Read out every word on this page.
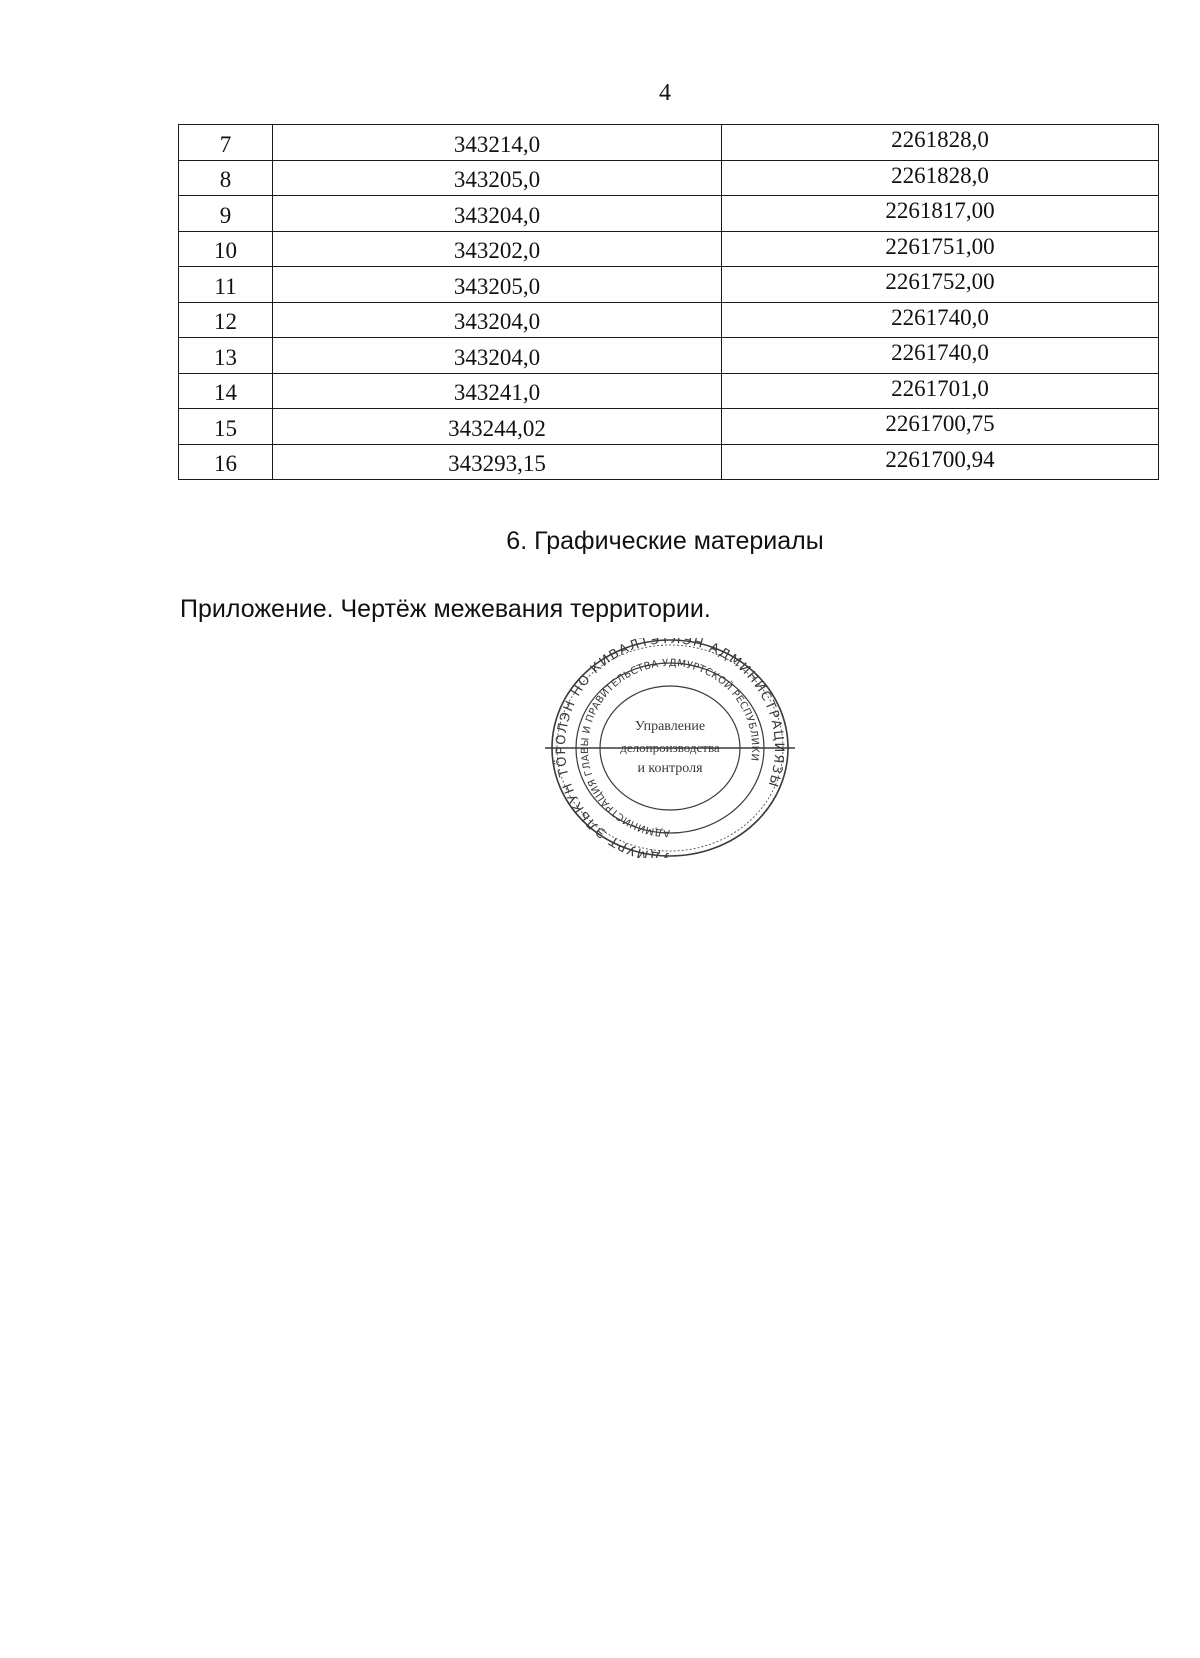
4
7	343214,0	2261828,0
8	343205,0	2261828,0
9	343204,0	2261817,00
10	343202,0	2261751,00
11	343205,0	2261752,00
12	343204,0	2261740,0
13	343204,0	2261740,0
14	343241,0	2261701,0
15	343244,02	2261700,75
16	343293,15	2261700,94
6. Графические материалы
Приложение. Чертёж межевания территории.
УДМУРТ ЭЛЬКУН ТӦРОЛЭН НО КИВАЛТЭТЛЭН АДМИНИСТРАЦИЯЗЫ
АДМИНИСТРАЦИЯ ГЛАВЫ И ПРАВИТЕЛЬСТВА УДМУРТСКОЙ РЕСПУБЛИКИ
Управление
делопроизводства
и контроля
